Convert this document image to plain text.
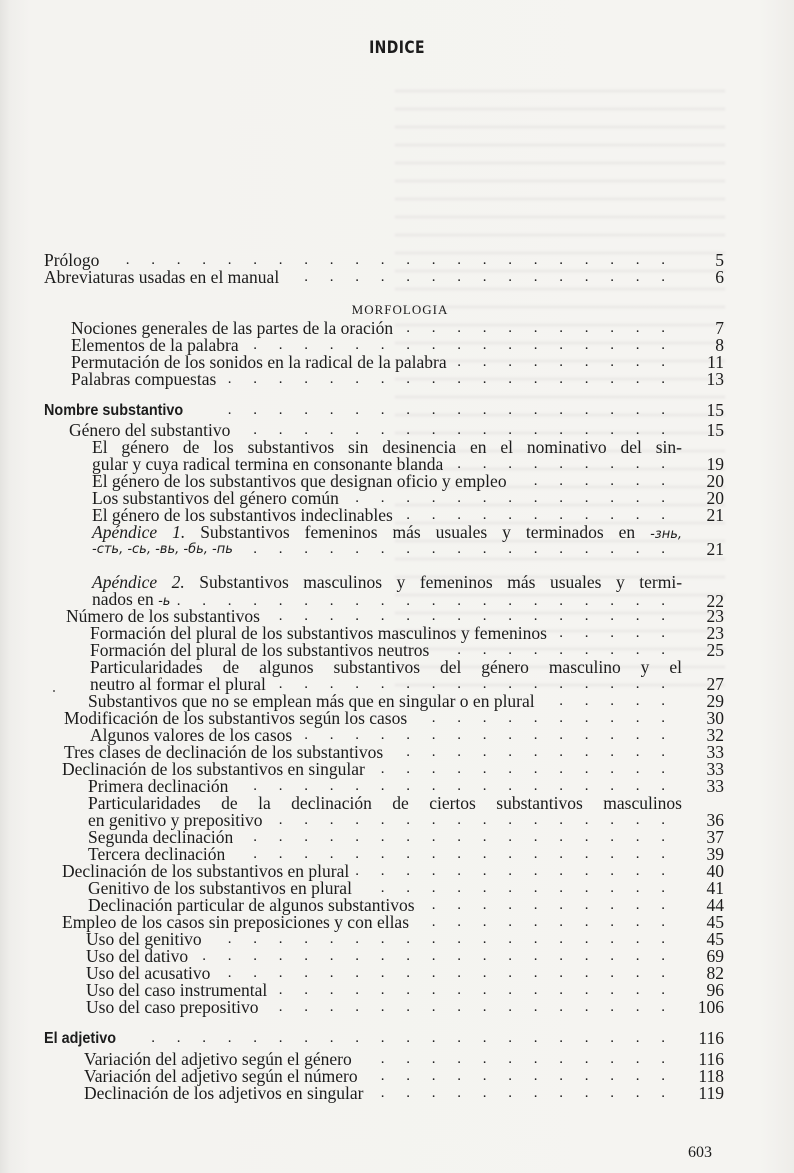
INDICE
Prólogo . . .	5
Abreviaturas usadas en el manual . . .	6
MORFOLOGIA
Nociones generales de las partes de la oración . . .	7
Elementos de la palabra . . .	8
Permutación de los sonidos en la radical de la palabra . . .	11
Palabras compuestas . . .	13
Nombre substantivo . . .	15
Género del substantivo . . .	15
El género de los substantivos sin desinencia en el nominativo del sin-
gular y cuya radical termina en consonante blanda . . .	19
El género de los substantivos que designan oficio y empleo . . .	20
Los substantivos del género común . . .	20
El género de los substantivos indeclinables . . .	21
Apéndice 1. Substantivos femeninos más usuales y terminados en -знь,
-сть, -сь, -вь, -бь, -пь . . .	21
Apéndice 2. Substantivos masculinos y femeninos más usuales y termi-
nados en -ь . . .	22
Número de los substantivos . . .	23
Formación del plural de los substantivos masculinos y femeninos . . .	23
Formación del plural de los substantivos neutros . . .	25
Particularidades de algunos substantivos del género masculino y el
neutro al formar el plural . . .	27
Substantivos que no se emplean más que en singular o en plural . . .	29
Modificación de los substantivos según los casos . . .	30
Algunos valores de los casos . . .	32
Tres clases de declinación de los substantivos . . .	33
Declinación de los substantivos en singular . . .	33
Primera declinación . . .	33
Particularidades de la declinación de ciertos substantivos masculinos
en genitivo y prepositivo . . .	36
Segunda declinación . . .	37
Tercera declinación . . .	39
Declinación de los substantivos en plural . . .	40
Genitivo de los substantivos en plural . . .	41
Declinación particular de algunos substantivos . . .	44
Empleo de los casos sin preposiciones y con ellas . . .	45
Uso del genitivo . . .	45
Uso del dativo . . .	69
Uso del acusativo . . .	82
Uso del caso instrumental . . .	96
Uso del caso prepositivo . . .	106
El adjetivo . . .	116
Variación del adjetivo según el género . . .	116
Variación del adjetivo según el número . . .	118
Declinación de los adjetivos en singular . . .	119
603
